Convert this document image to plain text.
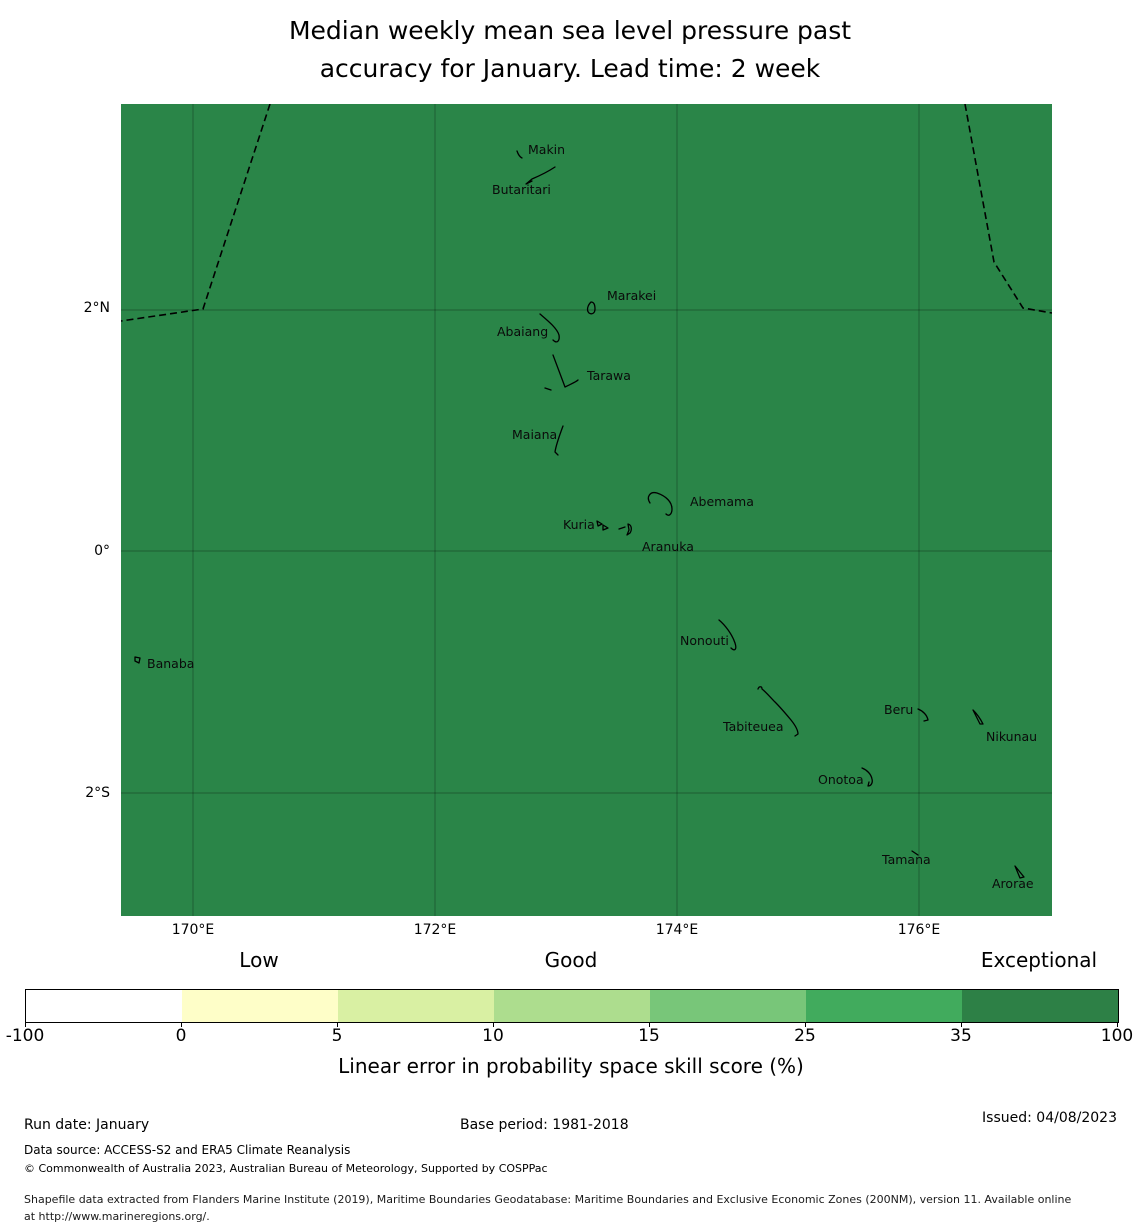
Median weekly mean sea level pressure past
accuracy for January. Lead time: 2 week
Makin
Butaritari
Marakei
Abaiang
Tarawa
Maiana
Abemama
Kuria
Aranuka
Nonouti
Banaba
Tabiteuea
Beru
Nikunau
Onotoa
Tamana
Arorae
2°N
0°
2°S
170°E	172°E	174°E	176°E
Low	Good	Exceptional
-100	0	5	10	15	25	35	100
Linear error in probability space skill score (%)
Run date: January	Base period: 1981-2018	Issued: 04/08/2023
Data source: ACCESS-S2 and ERA5 Climate Reanalysis
© Commonwealth of Australia 2023, Australian Bureau of Meteorology, Supported by COSPPac
Shapefile data extracted from Flanders Marine Institute (2019), Maritime Boundaries Geodatabase: Maritime Boundaries and Exclusive Economic Zones (200NM), version 11. Available online at http://www.marineregions.org/.
